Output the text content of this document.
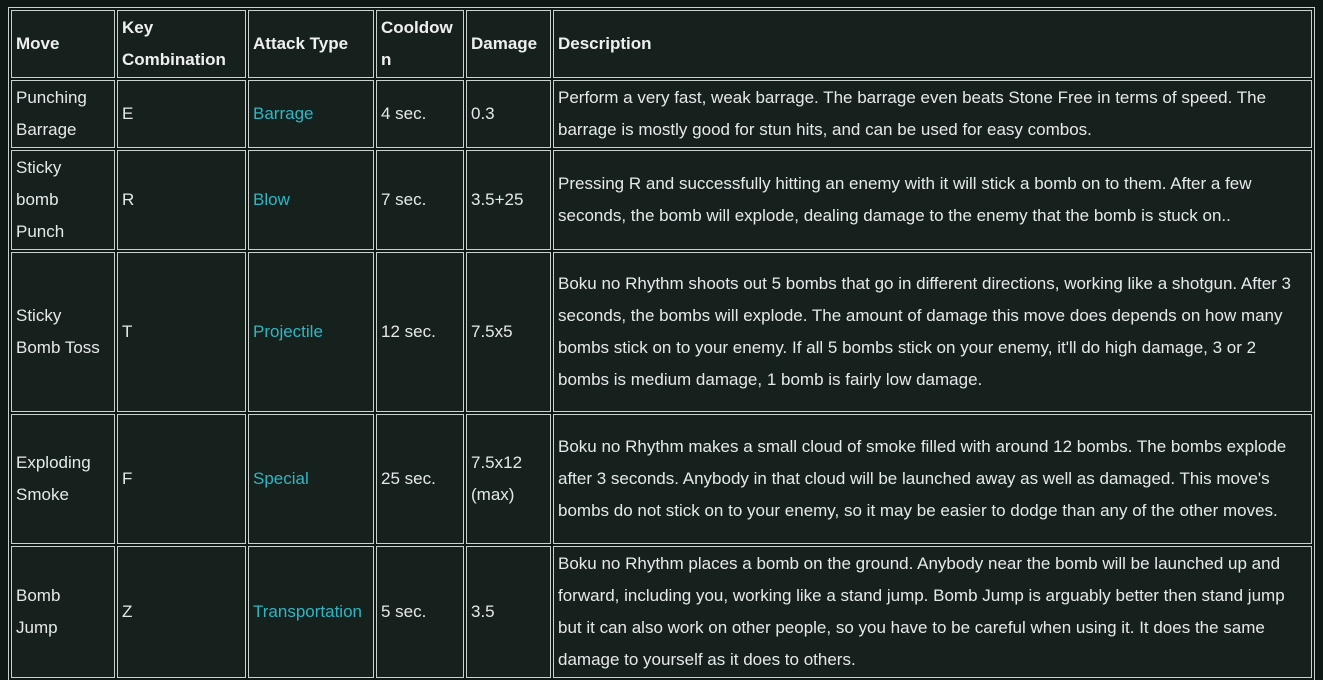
Move	Key Combination	Attack Type	Cooldown	Damage	Description
Punching Barrage	E	Barrage	4 sec.	0.3	Perform a very fast, weak barrage. The barrage even beats Stone Free in terms of speed. The barrage is mostly good for stun hits, and can be used for easy combos.
Sticky bomb Punch	R	Blow	7 sec.	3.5+25	Pressing R and successfully hitting an enemy with it will stick a bomb on to them. After a few seconds, the bomb will explode, dealing damage to the enemy that the bomb is stuck on..
Sticky Bomb Toss	T	Projectile	12 sec.	7.5x5	Boku no Rhythm shoots out 5 bombs that go in different directions, working like a shotgun. After 3 seconds, the bombs will explode. The amount of damage this move does depends on how many bombs stick on to your enemy. If all 5 bombs stick on your enemy, it'll do high damage, 3 or 2 bombs is medium damage, 1 bomb is fairly low damage.
Exploding Smoke	F	Special	25 sec.	7.5x12 (max)	Boku no Rhythm makes a small cloud of smoke filled with around 12 bombs. The bombs explode after 3 seconds. Anybody in that cloud will be launched away as well as damaged. This move's bombs do not stick on to your enemy, so it may be easier to dodge than any of the other moves.
Bomb Jump	Z	Transportation	5 sec.	3.5	Boku no Rhythm places a bomb on the ground. Anybody near the bomb will be launched up and forward, including you, working like a stand jump. Bomb Jump is arguably better then stand jump but it can also work on other people, so you have to be careful when using it. It does the same damage to yourself as it does to others.
